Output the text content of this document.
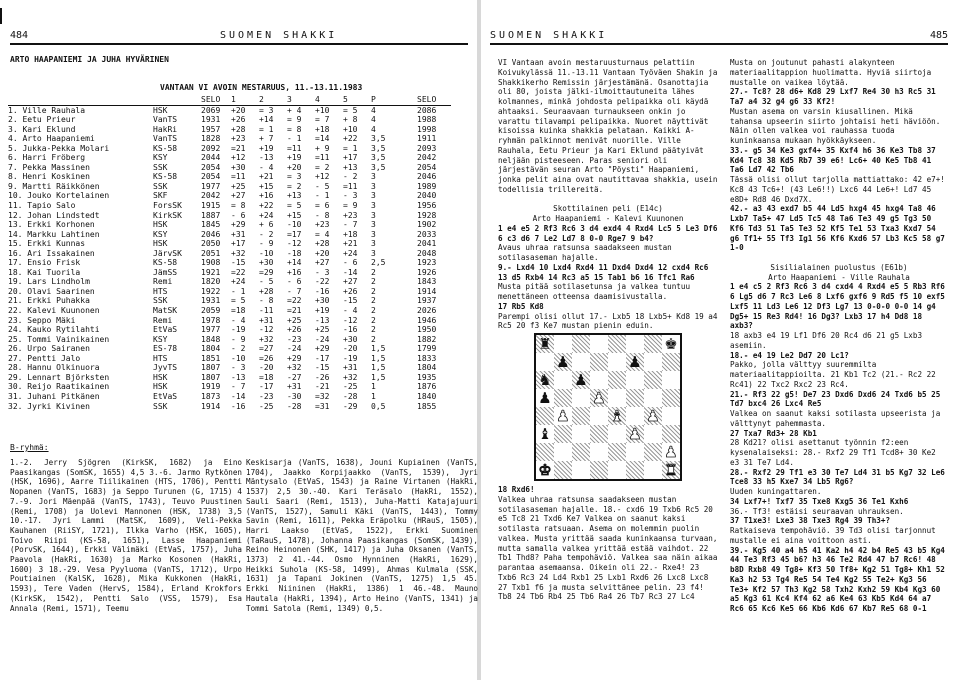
484	SUOMEN SHAKKI
ARTO HAAPANIEMI JA JUHA HYVÄRINEN
VANTAAN VI AVOIN MESTARUUS, 11.-13.11.1983
		SELO	1	2	3	4	5	P	SELO
1. Ville Rauhala	HSK	2069	+20	= 3	+ 4	+10	= 5	4	2086
2. Eetu Prieur	VanTS	1931	+26	+14	= 9	= 7	+ 8	4	1988
3. Kari Eklund	HakRi	1957	+28	= 1	= 8	+18	+10	4	1998
4. Arto Haapaniemi	VanTS	1828	+23	+ 7	- 1	=14	+22	3,5	1911
5. Jukka-Pekka Molari	KS-58	2092	=21	+19	=11	+ 9	= 1	3,5	2093
6. Harri Fröberg	KSY	2044	+12	-13	+19	=11	+17	3,5	2042
7. Pekka Massinen	SSK	2054	+30	- 4	+20	= 2	+13	3,5	2054
8. Henri Koskinen	KS-58	2054	=11	+21	= 3	+12	- 2	3	2046
9. Martti Räikkönen	SSK	1977	+25	+15	= 2	- 5	=11	3	1989
10. Jouko Kortelainen	SKF	2042	+27	+16	+13	- 1	- 3	3	2040
11. Tapio Salo	ForsSK	1915	= 8	+22	= 5	= 6	= 9	3	1956
12. Johan Lindstedt	KirkSK	1887	- 6	+24	+15	- 8	+23	3	1928
13. Erkki Korhonen	HSK	1845	+29	+ 6	-10	+23	- 7	3	1902
14. Markku Lahtinen	KSY	2046	+31	- 2	=17	= 4	+18	3	2033
15. Erkki Kunnas	HSK	2050	+17	- 9	-12	+28	+21	3	2041
16. Ari Issakainen	JärvSK	2051	+32	-10	-18	+20	+24	3	2048
17. Ensio Frisk	KS-58	1908	-15	+30	+14	+27	- 6	2,5	1923
18. Kai Tuorila	JämSS	1921	=22	=29	+16	- 3	-14	2	1926
19. Lars Lindholm	Remi	1820	+24	- 5	- 6	-22	+27	2	1843
20. Olavi Saarinen	HTS	1922	- 1	+28	- 7	-16	+26	2	1914
21. Erkki Puhakka	SSK	1931	= 5	- 8	=22	+30	-15	2	1937
22. Kalevi Kuunonen	MatSK	2059	=18	-11	=21	+19	- 4	2	2026
23. Seppo Mäki	Remi	1978	- 4	+31	+25	-13	-12	2	1946
24. Kauko Rytilahti	EtVaS	1977	-19	-12	+26	+25	-16	2	1950
25. Tommi Vainikainen	KSY	1848	- 9	+32	-23	-24	+30	2	1882
26. Urpo Sairanen	ES-78	1804	- 2	=27	-24	+29	-20	1,5	1799
27. Pentti Jalo	HTS	1851	-10	=26	+29	-17	-19	1,5	1833
28. Hannu Olkinuora	JyvTS	1807	- 3	-20	+32	-15	+31	1,5	1804
29. Lennart Björksten	HSK	1807	-13	=18	-27	-26	+32	1,5	1935
30. Reijo Raatikainen	HSK	1919	- 7	-17	+31	-21	-25	1	1876
31. Juhani Pitkänen	EtVaS	1873	-14	-23	-30	=32	-28	1	1840
32. Jyrki Kivinen	SSK	1914	-16	-25	-28	=31	-29	0,5	1855
B-ryhmä:

1.-2. Jerry Sjögren (KirkSK, 1682) ja Eino Paasikangas (SomSK, 1655) 4,5 3.-6. Jarmo Rytkönen (HSK, 1696), Aarre Tiilikainen (HTS, 1706), Pentti Nopanen (VanTS, 1683) ja Seppo Turunen (G, 1715) 4 7.-9. Jori Mäenpää (VanTS, 1743), Teuvo Puustinen (Remi, 1708) ja Uolevi Mannonen (HSK, 1738) 3,5 10.-17. Jyri Lammi (MatSK, 1609), Veli-Pekka Kauhanen (RiiSY, 1721), Ilkka Varho (HSK, 1605), Toivo Riipi (KS-58, 1651), Lasse Haapaniemi (PorvSK, 1644), Erkki Välimäki (EtVaS, 1757), Juha Paavola (HakRi, 1630) ja Marko Kosonen (HakRi, 1600) 3 18.-29. Vesa Pyyluoma (VanTS, 1712), Urpo Poutiainen (KalSK, 1628), Mika Kukkonen (HakRi, 1593), Tere Vaden (HervS, 1584), Erland Krokfors (KirkSK, 1542), Pentti Salo (VSS, 1579), Esa Annala (Remi, 1571), Teemu

Keskisarja (VanTS, 1638), Jouni Kupiainen (VanTS, 1704), Jaakko Korpijaakko (VanTS, 1539), Jyri Mäntysalo (EtVaS, 1543) ja Raine Virtanen (HakRi, 1537) 2,5 30.-40. Kari Teräsalo (HakRi, 1552), Sauli Saari (Remi, 1513), Juha-Matti Katajajuuri (VanTS, 1527), Samuli Käki (VanTS, 1443), Tommy Savin (Remi, 1611), Pekka Eräpolku (HRauS, 1505), Harri Laakso (EtVaS, 1522), Erkki Suominen (TaRauS, 1478), Johanna Paasikangas (SomSK, 1439), Reino Heinonen (SHK, 1417) ja Juha Oksanen (VanTS, 1373) 2 41.-44. Osmo Hynninen (HakRi, 1629), Heikki Suhola (KS-58, 1499), Ahmas Kulmala (SSK, 1631) ja Tapani Jokinen (VanTS, 1275) 1,5 45. Erkki Niininen (HakRi, 1386) 1 46.-48. Mauno Hautala (HakRi, 1394), Arto Heino (VanTS, 1341) ja Tommi Satola (Remi, 1349) 0,5.

SUOMEN SHAKKI	485

VI Vantaan avoin mestaruusturnaus pelattiin Koivukylässä 11.-13.11 Vantaan Työväen Shakin ja Shakkikerho Remissin järjestämänä. Osanottajia oli 80, joista jälki-ilmoittautuneita lähes kolmannes, minkä johdosta pelipaikka oli käydä ahtaaksi. Seuraavaan turnaukseen onkin jo varattu tilavampi pelipaikka. Nuoret näyttivät kisoissa kuinka shakkia pelataan. Kaikki A-ryhmän palkinnot menivät nuorille. Ville Rauhala, Eetu Prieur ja Kari Eklund päätyivät neljään pisteeseen. Paras seniori oli järjestävän seuran Arto "Pöysti" Haapaniemi, jonka pelit aina ovat nautittavaa shakkia, usein todellisia trillereitä.

Skottilainen peli (E14c)

Arto Haapaniemi - Kalevi Kuunonen

1 e4 e5 2 Rf3 Rc6 3 d4 exd4 4 Rxd4 Lc5 5 Le3 Df6 6 c3 d6 7 Le2 Ld7 8 0-0 Rge7 9 b4?

Avaus uhraa ratsunsa saadakseen mustan sotilasaseman hajalle.

9.- Lxd4 10 Lxd4 Rxd4 11 Dxd4 Dxd4 12 cxd4 Rc6 13 d5 Rxb4 14 Rc3 a5 15 Tab1 b6 16 Tfc1 Ra6

Musta pitää sotilasetunsa ja valkea tuntuu menettäneen otteensa daamisivustalla.

17 Rb5 Kd8

Parempi olisi ollut 17.- Lxb5 18 Lxb5+ Kd8 19 a4 Rc5 20 f3 Ke7 mustan pienin eduin.

♜	♚
♟	♟
♞ ♟
♟	♟
♟	♝ ♟
♝	♟
♟
♚	♜

18 Rxd6!

Valkea uhraa ratsunsa saadakseen mustan sotilasaseman hajalle. 18.- cxd6 19 Txb6 Rc5 20 e5 Tc8 21 Txd6 Ke7 Valkea on saanut kaksi sotilasta ratsuaan. Asema on molemmin puolin valkea. Musta yrittää saada kuninkaansa turvaan, mutta samalla valkea yrittää estää vaihdot. 22 Tb1 Thd8? Paha tempohäviö. Valkea saa näin aikaa parantaa asemaansa. Oikein oli 22.- Rxe4! 23 Txb6 Rc3 24 Ld4 Rxb1 25 Lxb1 Rxd6 26 Lxc8 Lxc8 27 Txb1 f6 ja musta selvittänee pelin. 23 f4! Tb8 24 Tb6 Rb4 25 Tb6 Ra4 26 Tb7 Rc3 27 Lc4

Musta on joutunut pahasti alakynteen materiaalitappion huolimatta. Hyviä siirtoja mustalle on vaikea löytää.

27.- Tc8? 28 d6+ Kd8 29 Lxf7 Re4 30 h3 Rc5 31 Ta7 a4 32 g4 g6 33 Kf2!

Mustan asema on varsin kiusallinen. Mikä tahansa upseerin siirto johtaisi heti häviöön. Näin ollen valkea voi rauhassa tuoda kuninkaansa mukaan hyökkäykseen.

33.- g5 34 Ke3 gxf4+ 35 Kxf4 h6 36 Ke3 Tb8 37 Kd4 Tc8 38 Kd5 Rb7 39 e6! Lc6+ 40 Ke5 Tb8 41 Ta6 Ld7 42 Tb6

Tässä olisi ollut tarjolla mattiattako: 42 e7+! Kc8 43 Tc6+! (43 Le6!!) Lxc6 44 Le6+! Ld7 45 e8D+ Rd8 46 Dxd7X.

42.- a3 43 exd7 b5 44 Ld5 hxg4 45 hxg4 Ta8 46 Lxb7 Ta5+ 47 Ld5 Tc5 48 Ta6 Te3 49 g5 Tg3 50 Kf6 Td3 51 Ta5 Te3 52 Kf5 Te1 53 Txa3 Kxd7 54 g6 Tf1+ 55 Tf3 Ig1 56 Kf6 Kxd6 57 Lb3 Kc5 58 g7 1-0

Sisilialainen puolustus (E61b)

Arto Haapaniemi - Ville Rauhala

1 e4 c5 2 Rf3 Rc6 3 d4 cxd4 4 Rxd4 e5 5 Rb3 Rf6 6 Lg5 d6 7 Rc3 Le6 8 Lxf6 gxf6 9 Rd5 f5 10 exf5 Lxf5 11 Ld3 Le6 12 Df3 Lg7 13 0-0-0 0-0 14 g4 Dg5+ 15 Re3 Rd4! 16 Dg3? Lxb3 17 h4 Dd8 18 axb3?

18 axb3 e4 19 Lf1 Df6 20 Rc4 d6 21 g5 Lxb3 asemiin.

18.- e4 19 Le2 Dd7 20 Lc1?

Pakko, jolla välttyy suuremmilta materiaalitappioilta. 21 Kb1 Tc2 (21.- Rc2 22 Rc41) 22 Txc2 Rxc2 23 Rc4.

21.- Rf3 22 g5! De7 23 Dxd6 Dxd6 24 Txd6 b5 25 Td7 bxc4 26 Lxc4 Re5

Valkea on saanut kaksi sotilasta upseerista ja välttynyt pahemmasta.

27 Txa7 Rd3+ 28 Kb1

28 Kd21? olisi asettanut työnnin f2:een kysenalaiseksi: 28.- Rxf2 29 Tf1 Tcd8+ 30 Ke2 e3 31 Te7 Ld4.

28.- Rxf2 29 Tf1 e3 30 Te7 Ld4 31 b5 Kg7 32 Le6 Tce8 33 h5 Kxe7 34 Lb5 Rg6?

Uuden kuningattaren.

34 Lxf7+! Txf7 35 Txe8 Kxg5 36 Te1 Kxh6

36.- Tf3! estäisi seuraavan uhrauksen.

37 T1xe3! Lxe3 38 Txe3 Rg4 39 Th3+?

Ratkaiseva tempohäviö. 39 Td3 olisi tarjonnut mustalle ei aina voittoon asti.

39.- Kg5 40 a4 h5 41 Ka2 h4 42 b4 Re5 43 b5 Kg4 44 Te3 Rf3 45 b6? h3 46 Te2 Rd4 47 b7 Rc6! 48 b8D Rxb8 49 Tg8+ Kf3 50 Tf8+ Kg2 51 Tg8+ Kh1 52 Ka3 h2 53 Tg4 Re5 54 Te4 Kg2 55 Te2+ Kg3 56 Te3+ Kf2 57 Th3 Kg2 58 Txh2 Kxh2 59 Kb4 Kg3 60 a5 Kg3 61 Kc4 Kf4 62 a6 Ke4 63 Kb5 Kd4 64 a7 Rc6 65 Kc6 Ke5 66 Kb6 Kd6 67 Kb7 Re5 68 0-1
